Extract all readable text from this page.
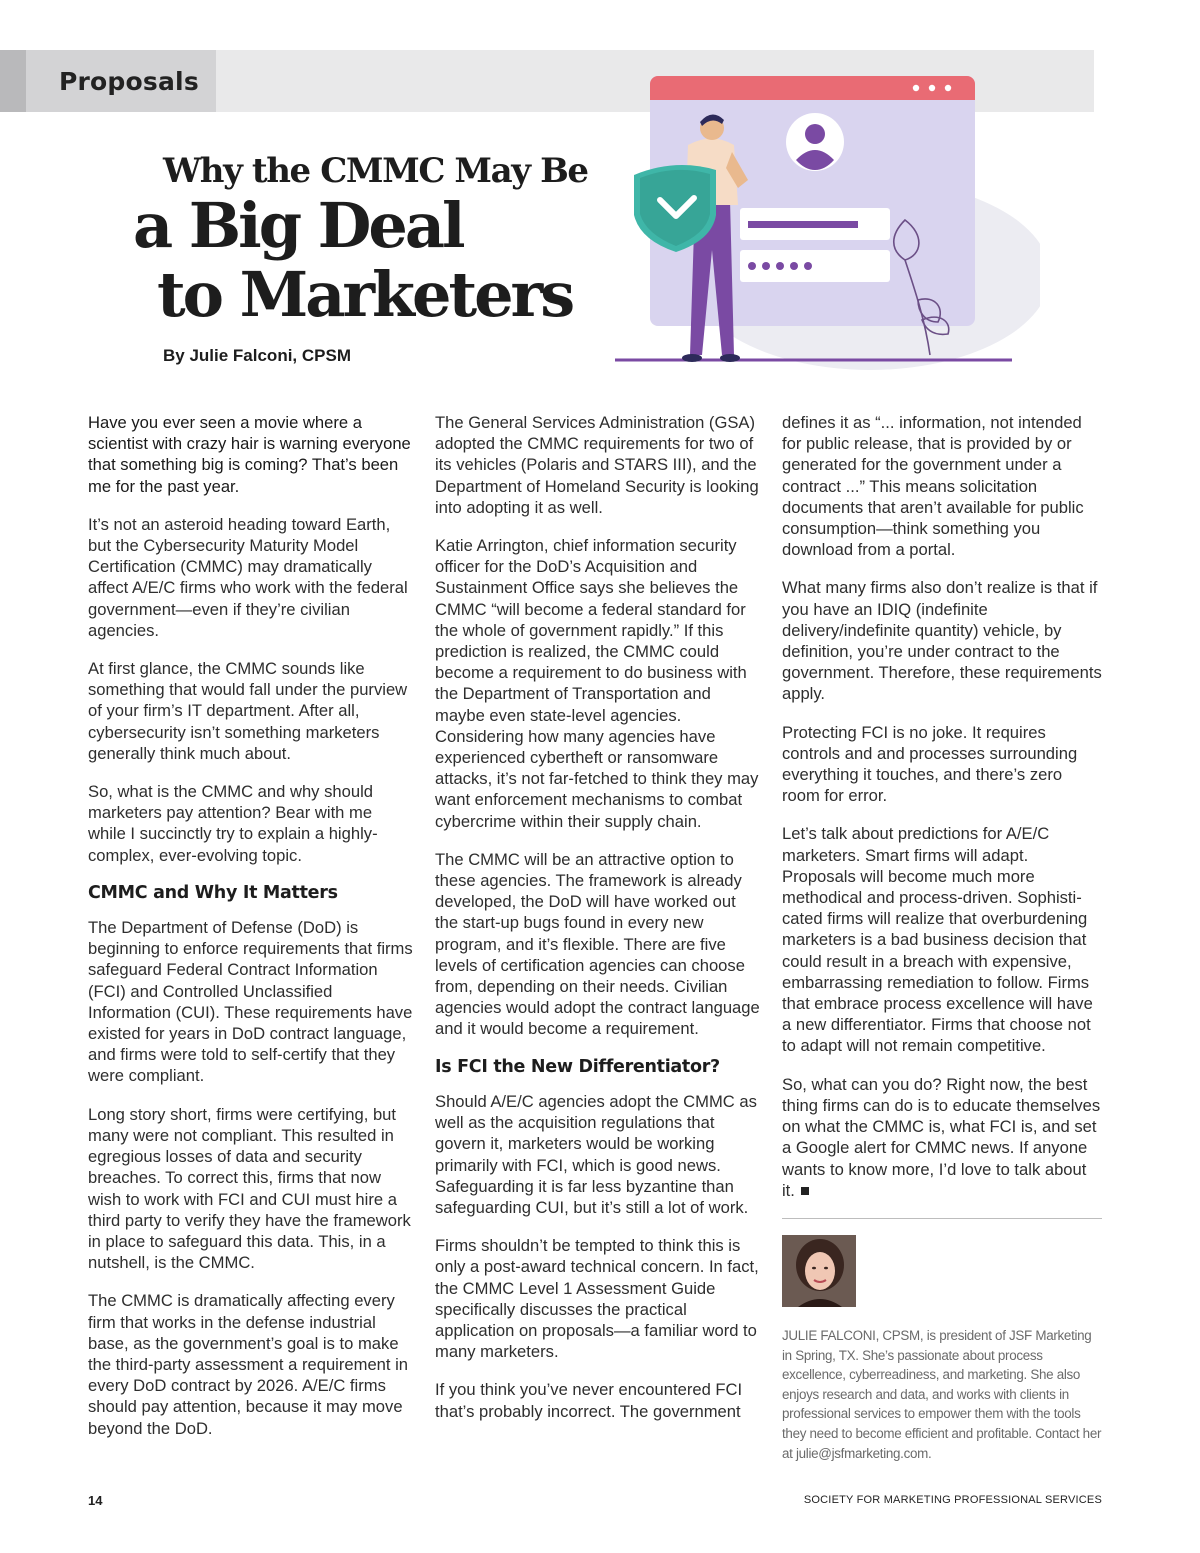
Proposals
Why the CMMC May Be
a Big Deal
to Marketers
By Julie Falconi, CPSM

Have you ever seen a movie where a scientist with crazy hair is warning everyone that something big is coming? That’s been me for the past year.

It’s not an asteroid heading toward Earth, but the Cybersecurity Maturity Model Certification (CMMC) may dramatically affect A/E/C firms who work with the federal government—even if they’re civilian agencies.

At first glance, the CMMC sounds like something that would fall under the purview of your firm’s IT department. After all, cybersecurity isn’t something marketers generally think much about.

So, what is the CMMC and why should marketers pay attention? Bear with me while I succinctly try to explain a highly-complex, ever-evolving topic.

CMMC and Why It Matters

The Department of Defense (DoD) is beginning to enforce requirements that firms safeguard Federal Contract Information (FCI) and Controlled Unclassified Information (CUI). These requirements have existed for years in DoD contract language, and firms were told to self-certify that they were compliant.

Long story short, firms were certifying, but many were not compliant. This resulted in egregious losses of data and security breaches. To correct this, firms that now wish to work with FCI and CUI must hire a third party to verify they have the framework in place to safeguard this data. This, in a nutshell, is the CMMC.

The CMMC is dramatically affecting every firm that works in the defense industrial base, as the government’s goal is to make the third-party assessment a requirement in every DoD contract by 2026. A/E/C firms should pay attention, because it may move beyond the DoD.

The General Services Administration (GSA) adopted the CMMC requirements for two of its vehicles (Polaris and STARS III), and the Department of Homeland Security is looking into adopting it as well.

Katie Arrington, chief information security officer for the DoD’s Acquisition and Sustainment Office says she believes the CMMC “will become a federal standard for the whole of government rapidly.” If this prediction is realized, the CMMC could become a requirement to do business with the Department of Transportation and maybe even state-level agencies. Considering how many agencies have experienced cybertheft or ransomware attacks, it’s not far-fetched to think they may want enforcement mechanisms to combat cybercrime within their supply chain.

The CMMC will be an attractive option to these agencies. The framework is already developed, the DoD will have worked out the start-up bugs found in every new program, and it’s flexible. There are five levels of certification agencies can choose from, depending on their needs. Civilian agencies would adopt the contract language and it would become a requirement.

Is FCI the New Differentiator?

Should A/E/C agencies adopt the CMMC as well as the acquisition regulations that govern it, marketers would be working primarily with FCI, which is good news. Safeguarding it is far less byzantine than safeguarding CUI, but it’s still a lot of work.

Firms shouldn’t be tempted to think this is only a post-award technical concern. In fact, the CMMC Level 1 Assessment Guide specifically discusses the practical application on proposals—a familiar word to many marketers.

If you think you’ve never encountered FCI that’s probably incorrect. The government

defines it as “... information, not intended for public release, that is provided by or generated for the government under a contract ...” This means solicitation documents that aren’t available for public consumption—think something you download from a portal.

What many firms also don’t realize is that if you have an IDIQ (indefinite delivery/indefinite quantity) vehicle, by definition, you’re under contract to the government. Therefore, these requirements apply.

Protecting FCI is no joke. It requires controls and and processes surrounding everything it touches, and there’s zero room for error.

Let’s talk about predictions for A/E/C marketers. Smart firms will adapt. Proposals will become much more methodical and process-driven. Sophisti-cated firms will realize that overburdening marketers is a bad business decision that could result in a breach with expensive, embarrassing remediation to follow. Firms that embrace process excellence will have a new differentiator. Firms that choose not to adapt will not remain competitive.

So, what can you do? Right now, the best thing firms can do is to educate themselves on what the CMMC is, what FCI is, and set a Google alert for CMMC news. If anyone wants to know more, I’d love to talk about it.

JULIE FALCONI, CPSM, is president of JSF Marketing in Spring, TX. She’s passionate about process excellence, cyberreadiness, and marketing. She also enjoys research and data, and works with clients in professional services to empower them with the tools they need to become efficient and profitable. Contact her at julie@jsfmarketing.com.
14	SOCIETY FOR MARKETING PROFESSIONAL SERVICES
